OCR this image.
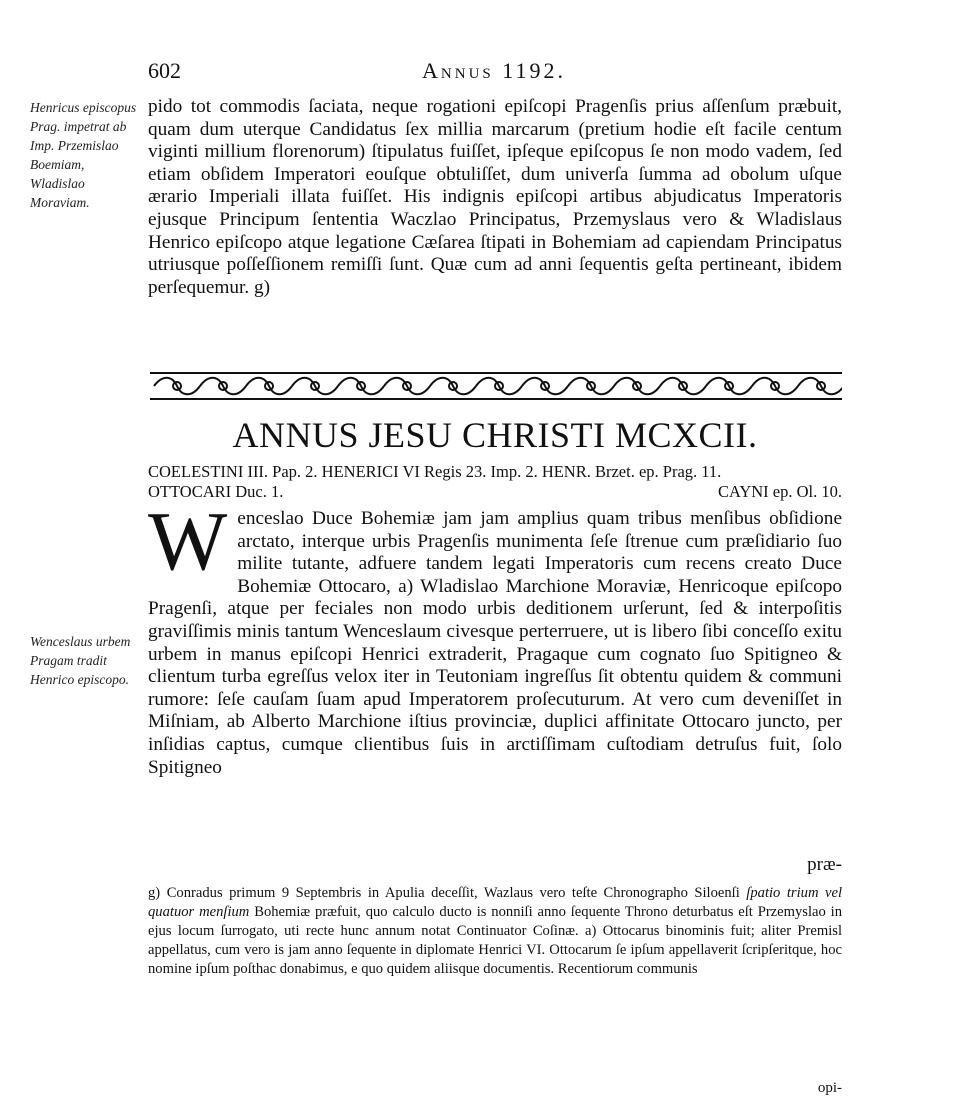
602	Annus 1192.
Henricus episcopus Prag. impetrat ab Imp. Przemislao Boemiam, Wladislao Moraviam.
Wenceslaus urbem Pragam tradit Henrico episcopo.

pido tot commodis ſaciata, neque rogationi epiſcopi Pragenſis prius aſſenſum præbuit, quam dum uterque Candidatus ſex millia marcarum (pretium hodie eſt facile centum viginti millium florenorum) ſtipulatus fuiſſet, ipſeque epiſcopus ſe non modo vadem, ſed etiam obſidem Imperatori eouſque obtuliſſet, dum univerſa ſumma ad obolum uſque ærario Imperiali illata fuiſſet. His indignis epiſcopi artibus abjudicatus Imperatoris ejusque Principum ſententia Waczlao Principatus, Przemyslaus vero & Wladislaus Henrico epiſcopo atque legatione Cæſarea ſtipati in Bohemiam ad capiendam Principatus utriusque poſſeſſionem remiſſi ſunt. Quæ cum ad anni ſequentis geſta pertineant, ibidem perſequemur. g)

ANNUS JESU CHRISTI MCXCII.
COELESTINI III. Pap. 2. HENERICI VI Regis 23. Imp. 2. HENR. Brzet. ep. Prag. 11.
OTTOCARI Duc. 1.	CAYNI ep. Ol. 10.
W enceslao Duce Bohemiæ jam jam amplius quam tribus menſibus obſidione arctato, interque urbis Pragenſis munimenta ſeſe ſtrenue cum præſidiario ſuo milite tutante, adfuere tandem legati Imperatoris cum recens creato Duce Bohemiæ Ottocaro, a) Wladislao Marchione Moraviæ, Henricoque epiſcopo Pragenſi, atque per feciales non modo urbis deditionem urſerunt, ſed & interpoſitis graviſſimis minis tantum Wenceslaum civesque perterruere, ut is libero ſibi conceſſo exitu urbem in manus epiſcopi Henrici extraderit, Pragaque cum cognato ſuo Spitigneo & clientum turba egreſſus velox iter in Teutoniam ingreſſus ſit obtentu quidem & communi rumore: ſeſe cauſam ſuam apud Imperatorem proſecuturum. At vero cum deveniſſet in Miſniam, ab Alberto Marchione iſtius provinciæ, duplici affinitate Ottocaro juncto, per inſidias captus, cumque clientibus ſuis in arctiſſimam cuſtodiam detruſus fuit, ſolo Spitigneo

præ-

g) Conradus primum 9 Septembris in Apulia deceſſit, Wazlaus vero teſte Chronographo Siloenſi ſpatio trium vel quatuor menſium Bohemiæ præfuit, quo calculo ducto is nonniſi anno ſequente Throno deturbatus eſt Przemyslao in ejus locum ſurrogato, uti recte hunc annum notat Continuator Coſinæ. a) Ottocarus binominis fuit; aliter Premisl appellatus, cum vero is jam anno ſequente in diplomate Henrici VI. Ottocarum ſe ipſum appellaverit ſcripſeritque, hoc nomine ipſum poſthac donabimus, e quo quidem aliisque documentis. Recentiorum communis

opi-
